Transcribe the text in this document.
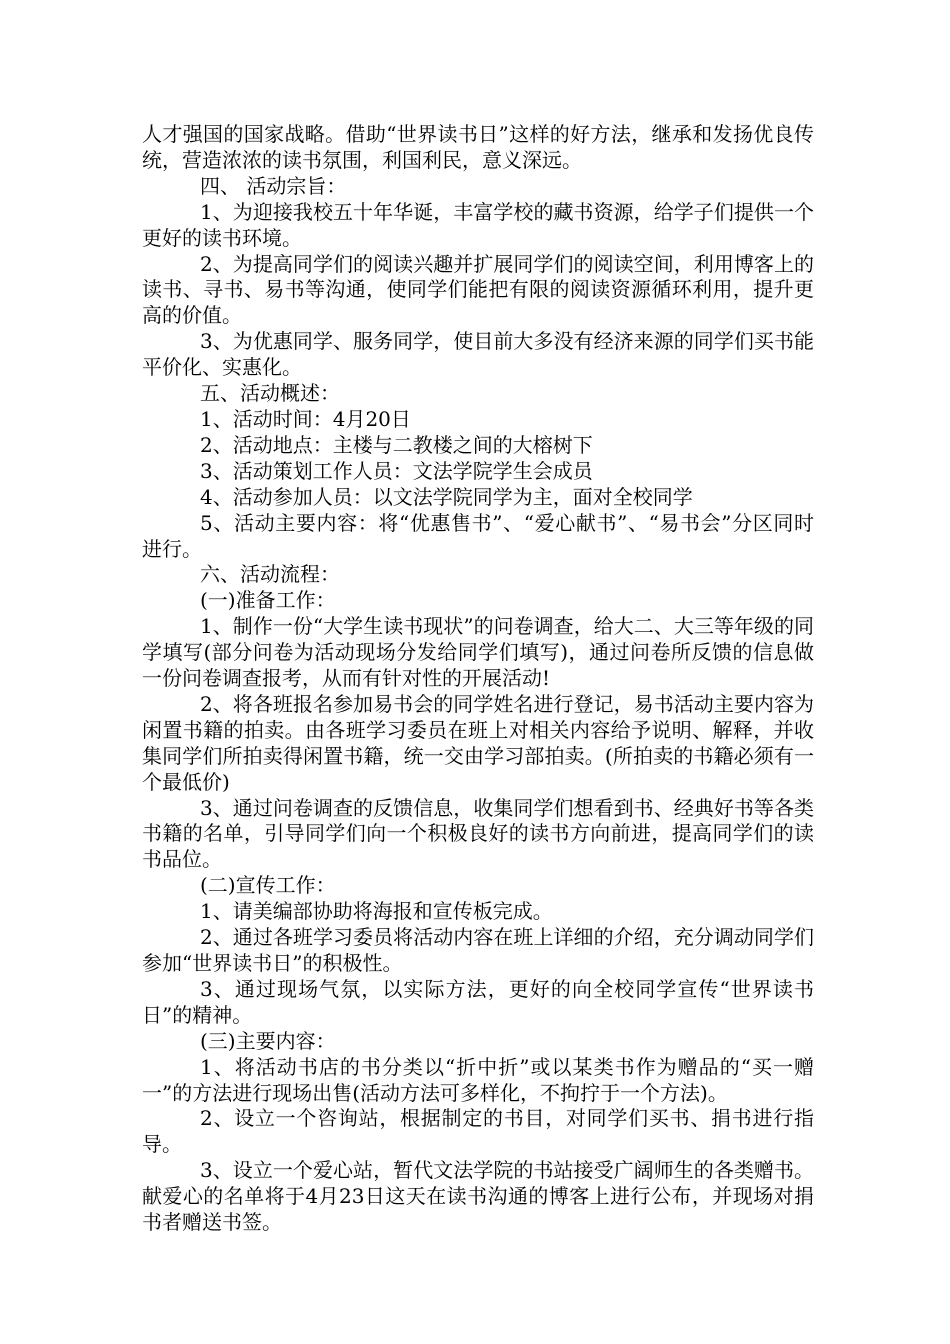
人才强国的国家战略。借助“世界读书日”这样的好方法，继承和发扬优良传统，营造浓浓的读书氛围，利国利民，意义深远。

四、 活动宗旨：

1、为迎接我校五十年华诞，丰富学校的藏书资源，给学子们提供一个更好的读书环境。

2、为提高同学们的阅读兴趣并扩展同学们的阅读空间，利用博客上的读书、寻书、易书等沟通，使同学们能把有限的阅读资源循环利用，提升更高的价值。

3、为优惠同学、服务同学，使目前大多没有经济来源的同学们买书能平价化、实惠化。

五、活动概述：

1、活动时间：4月20日

2、活动地点：主楼与二教楼之间的大榕树下

3、活动策划工作人员：文法学院学生会成员

4、活动参加人员：以文法学院同学为主，面对全校同学

5、活动主要内容：将“优惠售书”、“爱心献书”、“易书会”分区同时进行。

六、活动流程：

(一)准备工作：

1、制作一份“大学生读书现状”的问卷调查，给大二、大三等年级的同学填写(部分问卷为活动现场分发给同学们填写)，通过问卷所反馈的信息做一份问卷调查报考，从而有针对性的开展活动!

2、将各班报名参加易书会的同学姓名进行登记，易书活动主要内容为闲置书籍的拍卖。由各班学习委员在班上对相关内容给予说明、解释，并收集同学们所拍卖得闲置书籍，统一交由学习部拍卖。(所拍卖的书籍必须有一个最低价)

3、通过问卷调查的反馈信息，收集同学们想看到书、经典好书等各类书籍的名单，引导同学们向一个积极良好的读书方向前进，提高同学们的读书品位。

(二)宣传工作：

1、请美编部协助将海报和宣传板完成。

2、通过各班学习委员将活动内容在班上详细的介绍，充分调动同学们参加“世界读书日”的积极性。

3、通过现场气氛，以实际方法，更好的向全校同学宣传“世界读书日”的精神。

(三)主要内容：

1、将活动书店的书分类以“折中折”或以某类书作为赠品的“买一赠一”的方法进行现场出售(活动方法可多样化，不拘拧于一个方法)。

2、设立一个咨询站，根据制定的书目，对同学们买书、捐书进行指导。

3、设立一个爱心站，暂代文法学院的书站接受广阔师生的各类赠书。献爱心的名单将于4月23日这天在读书沟通的博客上进行公布，并现场对捐书者赠送书签。
